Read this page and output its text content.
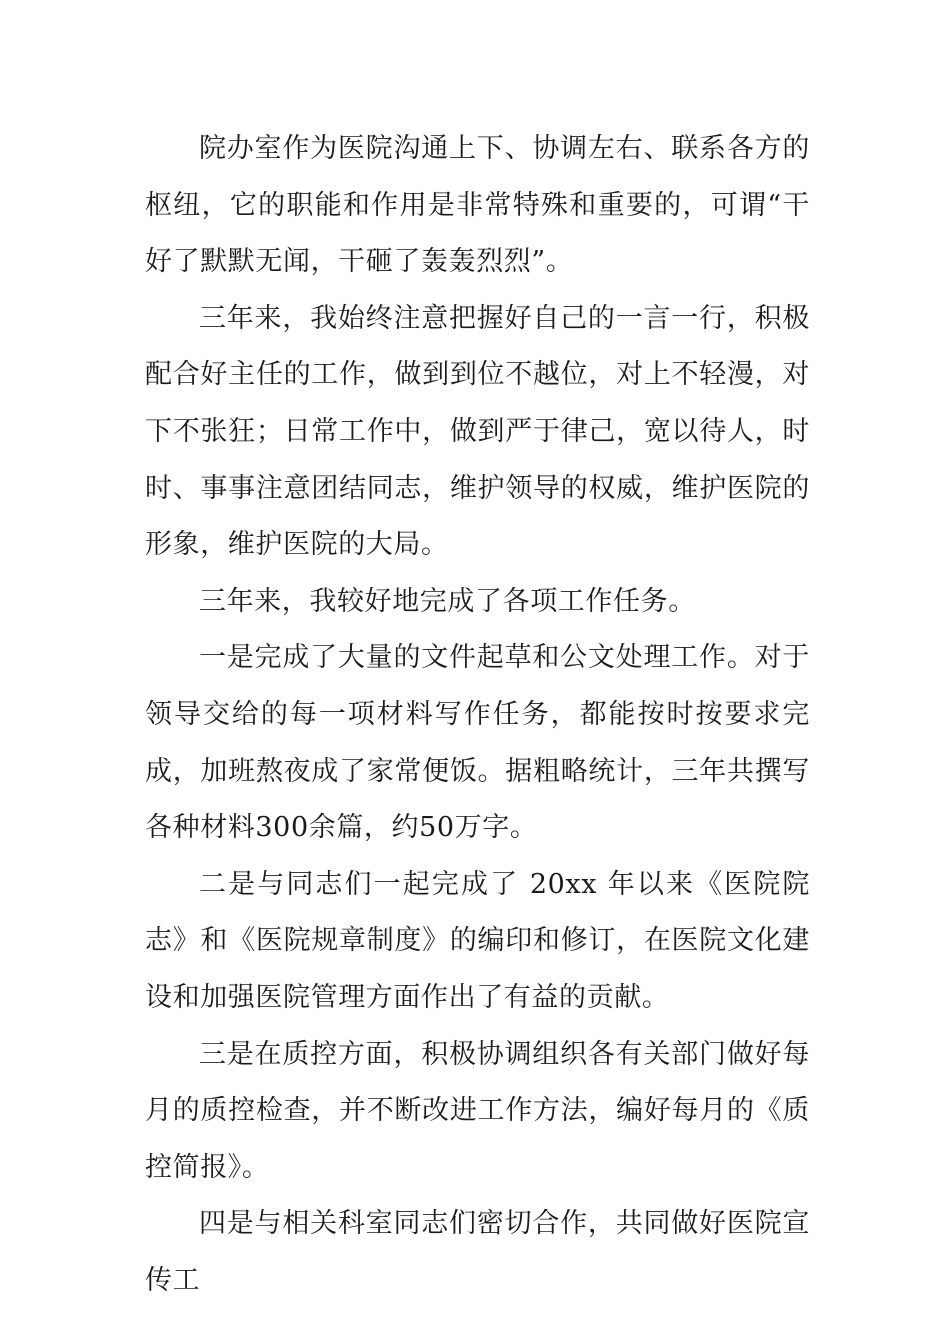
院办室作为医院沟通上下、协调左右、联系各方的枢纽，它的职能和作用是非常特殊和重要的，可谓“干好了默默无闻，干砸了轰轰烈烈”。

三年来，我始终注意把握好自己的一言一行，积极配合好主任的工作，做到到位不越位，对上不轻漫，对下不张狂；日常工作中，做到严于律己，宽以待人，时时、事事注意团结同志，维护领导的权威，维护医院的形象，维护医院的大局。

三年来，我较好地完成了各项工作任务。

一是完成了大量的文件起草和公文处理工作。对于领导交给的每一项材料写作任务，都能按时按要求完成，加班熬夜成了家常便饭。据粗略统计，三年共撰写各种材料300余篇，约50万字。

二是与同志们一起完成了 20xx 年以来《医院院志》和《医院规章制度》的编印和修订，在医院文化建设和加强医院管理方面作出了有益的贡献。

三是在质控方面，积极协调组织各有关部门做好每月的质控检查，并不断改进工作方法，编好每月的《质控简报》。

四是与相关科室同志们密切合作，共同做好医院宣传工
